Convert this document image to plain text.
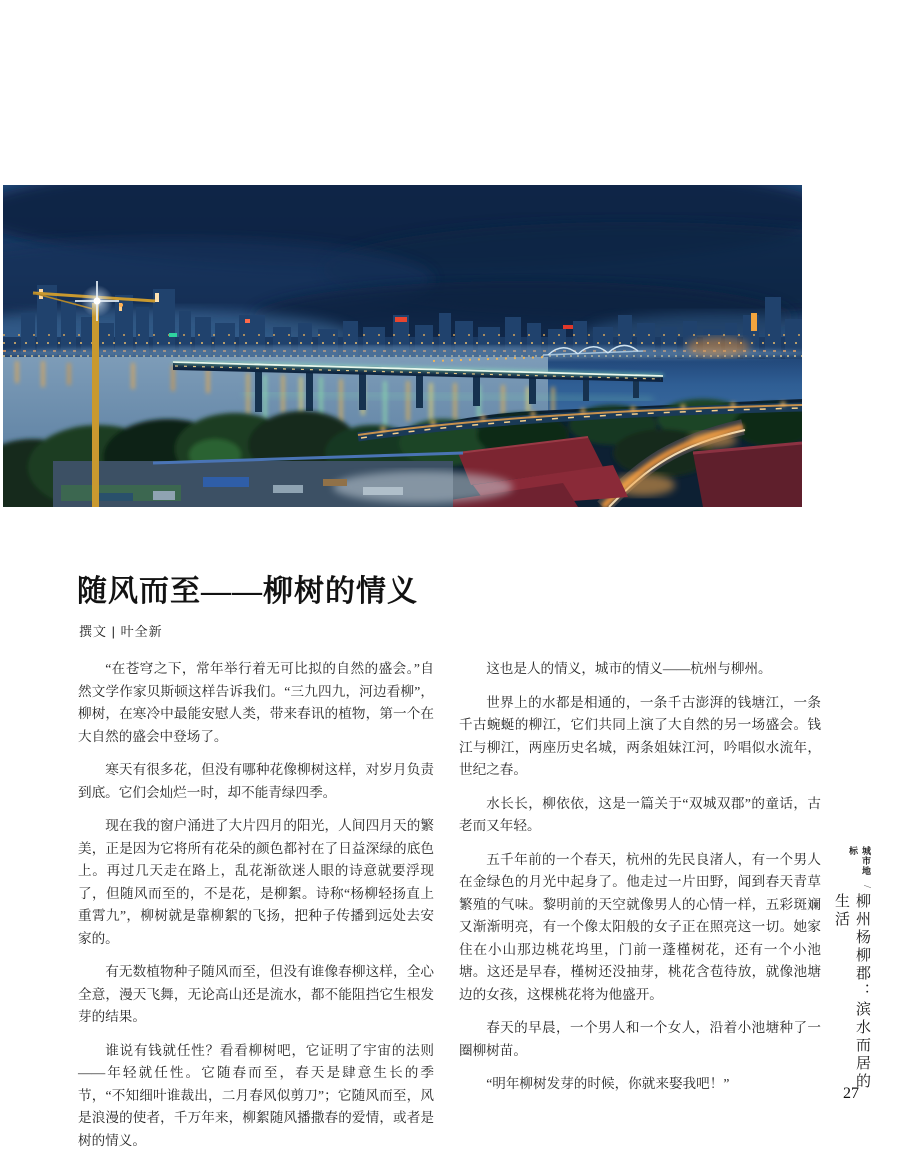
随风而至——柳树的情义
撰文 | 叶全新

“在苍穹之下，常年举行着无可比拟的自然的盛会。”自然文学作家贝斯顿这样告诉我们。“三九四九，河边看柳”，柳树，在寒冷中最能安慰人类，带来春讯的植物，第一个在大自然的盛会中登场了。

寒天有很多花，但没有哪种花像柳树这样，对岁月负责到底。它们会灿烂一时，却不能青绿四季。

现在我的窗户涌进了大片四月的阳光，人间四月天的繁美，正是因为它将所有花朵的颜色都衬在了日益深绿的底色上。再过几天走在路上，乱花渐欲迷人眼的诗意就要浮现了，但随风而至的，不是花，是柳絮。诗称“杨柳轻扬直上重霄九”，柳树就是靠柳絮的飞扬，把种子传播到远处去安家的。

有无数植物种子随风而至，但没有谁像春柳这样，全心全意，漫天飞舞，无论高山还是流水，都不能阻挡它生根发芽的结果。

谁说有钱就任性？看看柳树吧，它证明了宇宙的法则——年轻就任性。它随春而至，春天是肆意生长的季节，“不知细叶谁裁出，二月春风似剪刀”；它随风而至，风是浪漫的使者，千万年来，柳絮随风播撒春的爱情，或者是树的情义。

这也是人的情义，城市的情义——杭州与柳州。

世界上的水都是相通的，一条千古澎湃的钱塘江，一条千古蜿蜒的柳江，它们共同上演了大自然的另一场盛会。钱江与柳江，两座历史名城，两条姐妹江河，吟唱似水流年，世纪之春。

水长长，柳依依，这是一篇关于“双城双郡”的童话，古老而又年轻。

五千年前的一个春天，杭州的先民良渚人，有一个男人在金绿色的月光中起身了。他走过一片田野，闻到春天青草繁殖的气味。黎明前的天空就像男人的心情一样，五彩斑斓又渐渐明亮，有一个像太阳般的女子正在照亮这一切。她家住在小山那边桃花坞里，门前一蓬槿树花，还有一个小池塘。这还是早春，槿树还没抽芽，桃花含苞待放，就像池塘边的女孩，这棵桃花将为他盛开。

春天的早晨，一个男人和一个女人，沿着小池塘种了一圈柳树苗。

“明年柳树发芽的时候，你就来娶我吧！”

城市地标
/
柳州杨柳郡：滨水而居的生活
27
